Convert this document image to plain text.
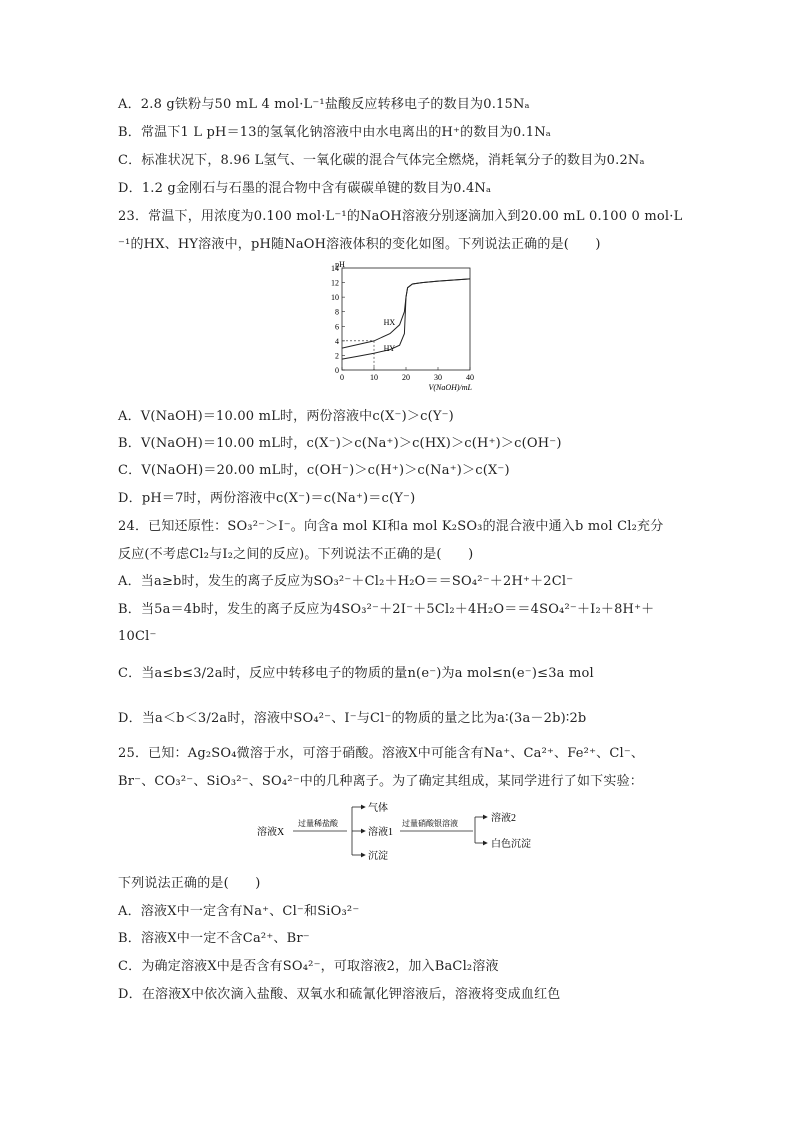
A．2.8 g铁粉与50 mL 4 mol·L⁻¹盐酸反应转移电子的数目为0.15Nₐ
B．常温下1 L pH＝13的氢氧化钠溶液中由水电离出的H⁺的数目为0.1Nₐ
C．标准状况下，8.96 L氢气、一氧化碳的混合气体完全燃烧，消耗氧分子的数目为0.2Nₐ
D．1.2 g金刚石与石墨的混合物中含有碳碳单键的数目为0.4Nₐ
23．常温下，用浓度为0.100 mol·L⁻¹的NaOH溶液分别逐滴加入到20.00 mL 0.100 0 mol·L
⁻¹的HX、HY溶液中，pH随NaOH溶液体积的变化如图。下列说法正确的是(　　)
0
2
4
6
8
10
12
14
0	10	20	30	40
pH
V(NaOH)/mL
HX
HY
A．V(NaOH)＝10.00 mL时，两份溶液中c(X⁻)＞c(Y⁻)
B．V(NaOH)＝10.00 mL时，c(X⁻)＞c(Na⁺)＞c(HX)＞c(H⁺)＞c(OH⁻)
C．V(NaOH)＝20.00 mL时，c(OH⁻)＞c(H⁺)＞c(Na⁺)＞c(X⁻)
D．pH＝7时，两份溶液中c(X⁻)＝c(Na⁺)＝c(Y⁻)
24．已知还原性：SO₃²⁻＞I⁻。向含a mol KI和a mol K₂SO₃的混合液中通入b mol Cl₂充分
反应(不考虑Cl₂与I₂之间的反应)。下列说法不正确的是(　　)
A．当a≥b时，发生的离子反应为SO₃²⁻＋Cl₂＋H₂O＝＝SO₄²⁻＋2H⁺＋2Cl⁻
B．当5a＝4b时，发生的离子反应为4SO₃²⁻＋2I⁻＋5Cl₂＋4H₂O＝＝4SO₄²⁻＋I₂＋8H⁺＋
10Cl⁻
C．当a≤b≤3/2a时，反应中转移电子的物质的量n(e⁻)为a mol≤n(e⁻)≤3a mol
D．当a＜b＜3/2a时，溶液中SO₄²⁻、I⁻与Cl⁻的物质的量之比为a∶(3a－2b)∶2b
25．已知：Ag₂SO₄微溶于水，可溶于硝酸。溶液X中可能含有Na⁺、Ca²⁺、Fe²⁺、Cl⁻、
Br⁻、CO₃²⁻、SiO₃²⁻、SO₄²⁻中的几种离子。为了确定其组成，某同学进行了如下实验：
溶液X
过量稀盐酸
气体
溶液1
沉淀
过量硝酸银溶液	溶液2
白色沉淀
下列说法正确的是(　　)
A．溶液X中一定含有Na⁺、Cl⁻和SiO₃²⁻
B．溶液X中一定不含Ca²⁺、Br⁻
C．为确定溶液X中是否含有SO₄²⁻，可取溶液2，加入BaCl₂溶液
D．在溶液X中依次滴入盐酸、双氧水和硫氰化钾溶液后，溶液将变成血红色
